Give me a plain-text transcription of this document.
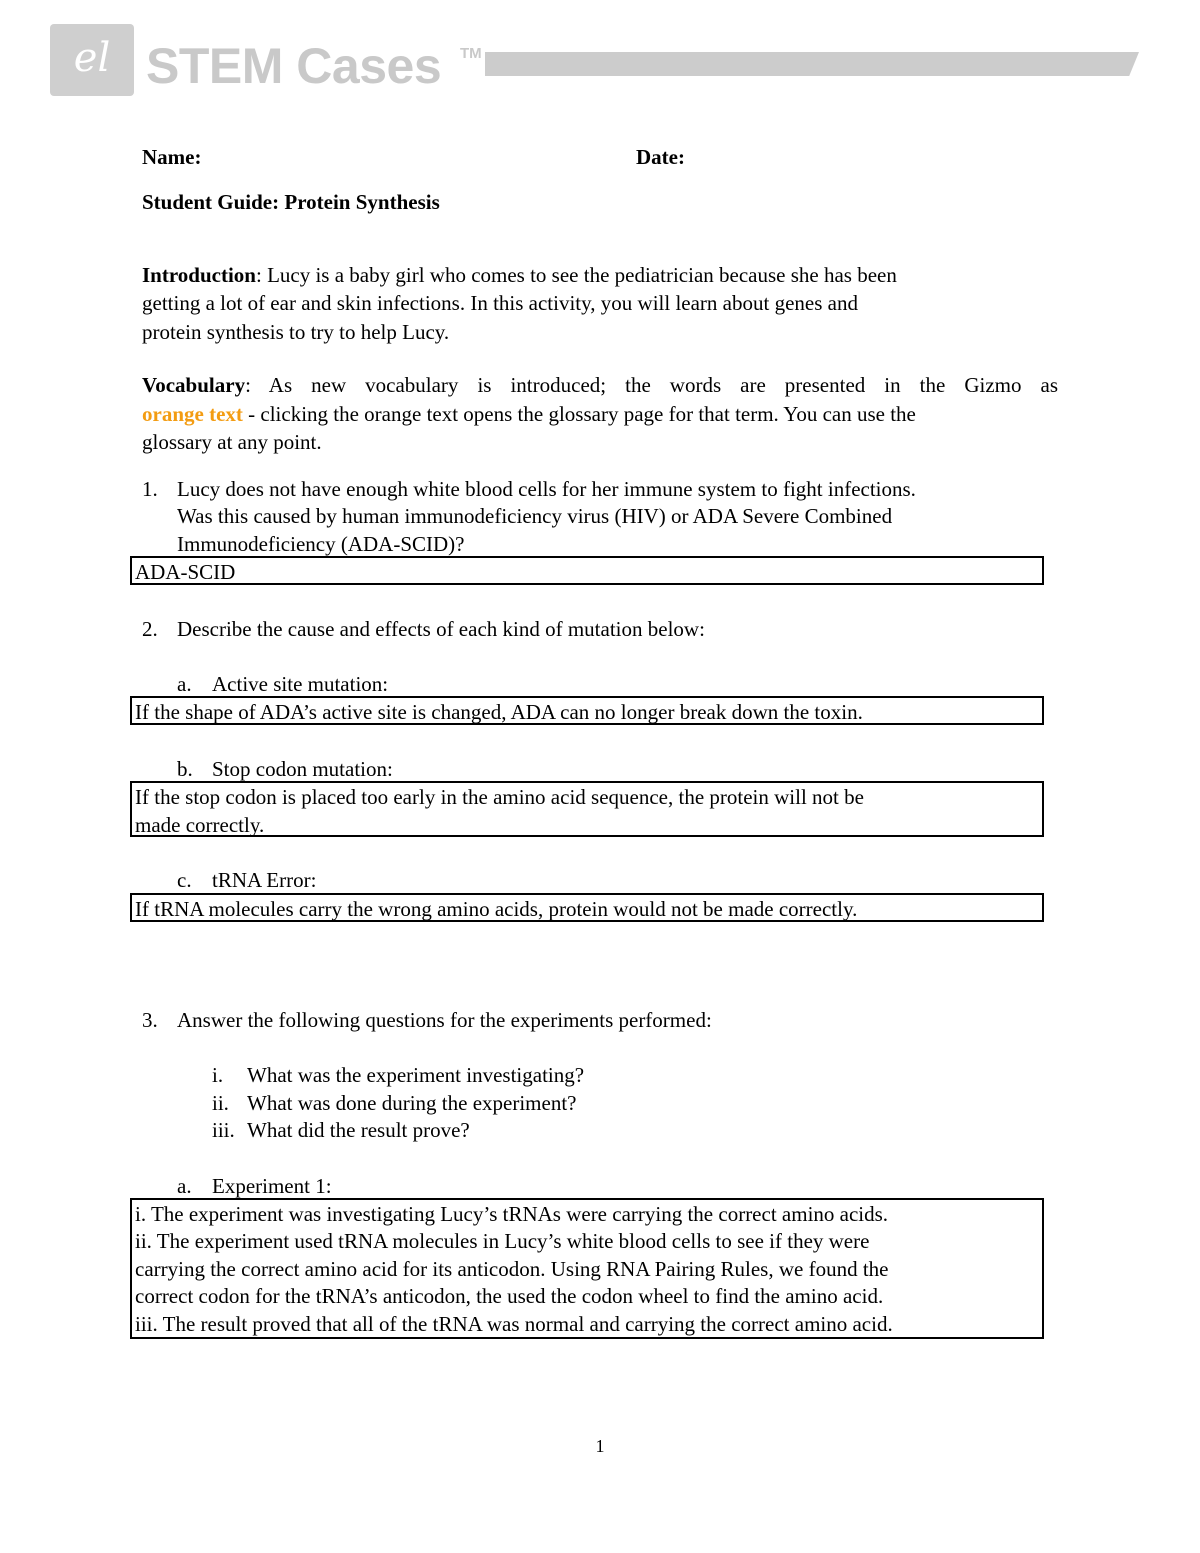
el STEM Cases TM
Name:	Date:
Student Guide: Protein Synthesis
Introduction: Lucy is a baby girl who comes to see the pediatrician because she has been
getting a lot of ear and skin infections. In this activity, you will learn about genes and
protein synthesis to try to help Lucy.
Vocabulary: As new vocabulary is introduced; the words are presented in the Gizmo as
orange text - clicking the orange text opens the glossary page for that term. You can use the
glossary at any point.
1. Lucy does not have enough white blood cells for her immune system to fight infections.
Was this caused by human immunodeficiency virus (HIV) or ADA Severe Combined
Immunodeficiency (ADA-SCID)?
ADA-SCID
2. Describe the cause and effects of each kind of mutation below:
a. Active site mutation:
If the shape of ADA’s active site is changed, ADA can no longer break down the toxin.
b. Stop codon mutation:
If the stop codon is placed too early in the amino acid sequence, the protein will not be
made correctly.
c. tRNA Error:
If tRNA molecules carry the wrong amino acids, protein would not be made correctly.
3. Answer the following questions for the experiments performed:
i. What was the experiment investigating?
ii. What was done during the experiment?
iii. What did the result prove?
a. Experiment 1:
i. The experiment was investigating Lucy’s tRNAs were carrying the correct amino acids.
ii. The experiment used tRNA molecules in Lucy’s white blood cells to see if they were
carrying the correct amino acid for its anticodon. Using RNA Pairing Rules, we found the
correct codon for the tRNA’s anticodon, the used the codon wheel to find the amino acid.
iii. The result proved that all of the tRNA was normal and carrying the correct amino acid.
1
